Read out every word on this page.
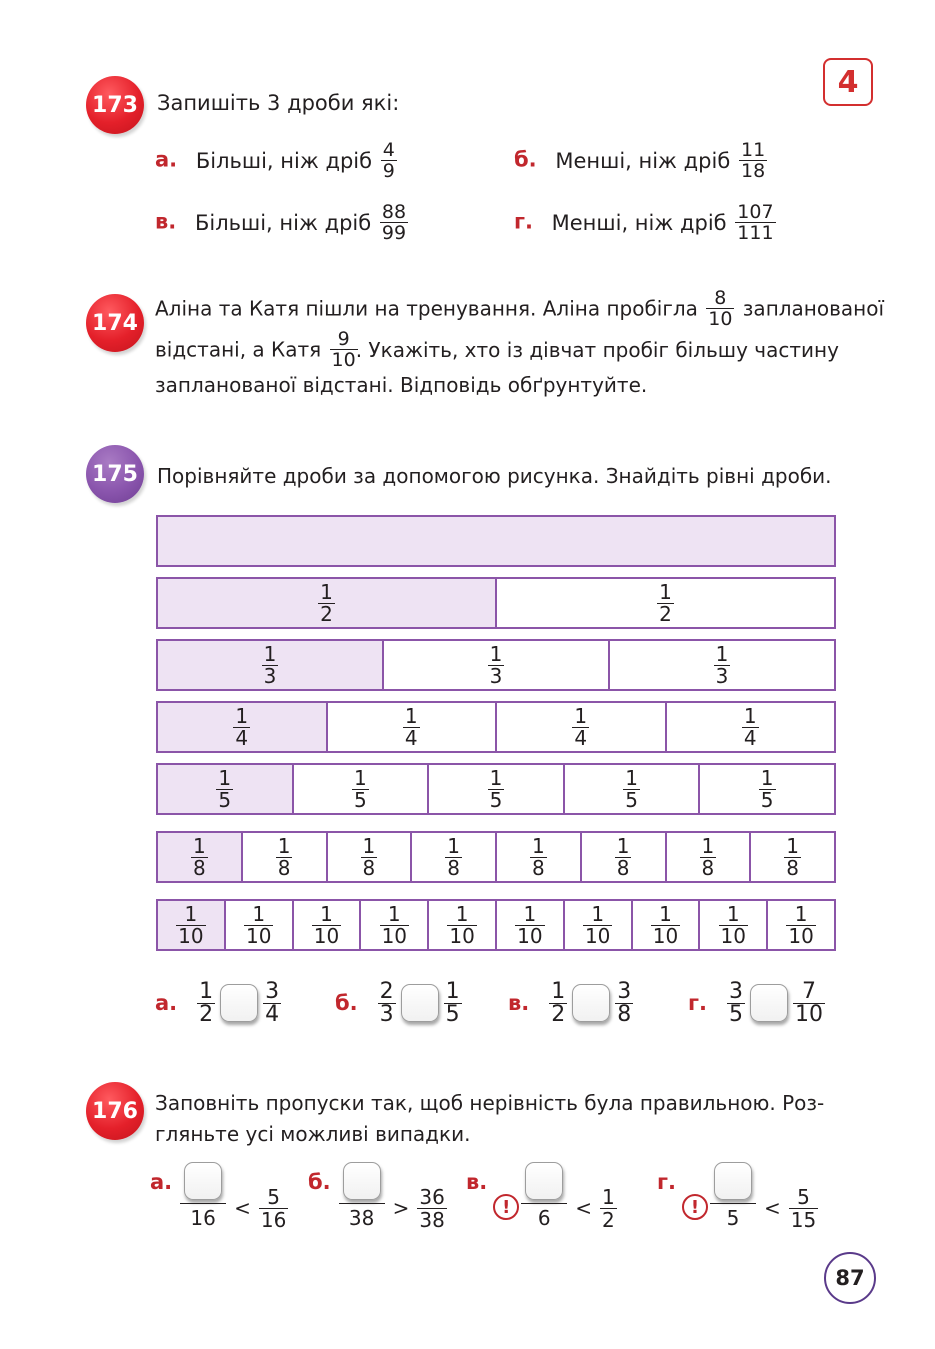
4
173 Запишіть 3 дроби які:
а. Більші, ніж дріб $\frac{4}{9}$	б. Менші, ніж дріб $\frac{11}{18}$
в. Більші, ніж дріб $\frac{88}{99}$	г. Менші, ніж дріб $\frac{107}{111}$
174
Аліна та Катя пішли на тренування. Аліна пробігла $\frac{8}{10}$ запланованої
відстані, а Катя $\frac{9}{10}$
. Укажіть, хто із дівчат пробіг більшу частину
запланованої відстані. Відповідь обґрунтуйте.
175 Порівняйте дроби за допомогою рисунка. Знайдіть рівні дроби.
$\frac{1}{2}$	$\frac{1}{2}$
$\frac{1}{3}$	$\frac{1}{3}$	$\frac{1}{3}$
$\frac{1}{4}$	$\frac{1}{4}$	$\frac{1}{4}$	$\frac{1}{4}$
$\frac{1}{5}$	$\frac{1}{5}$	$\frac{1}{5}$	$\frac{1}{5}$	$\frac{1}{5}$
$\frac{1}{8}$	$\frac{1}{8}$	$\frac{1}{8}$	$\frac{1}{8}$	$\frac{1}{8}$	$\frac{1}{8}$	$\frac{1}{8}$	$\frac{1}{8}$
$\frac{1}{10} \frac{1}{10} \frac{1}{10} \frac{1}{10} \frac{1}{10} \frac{1}{10} \frac{1}{10} \frac{1}{10} \frac{1}{10} \frac{1}{10}$
а. $\frac{1}{2} \frac{3}{4}$	б. $\frac{2}{3} \frac{1}{5} в$. $\frac{1}{2} \frac{3}{8}$	г. $\frac{3}{5} \frac{7}{10}$
176 Заповніть пропуски так, щоб нерівність була правильною. Роз-
гляньте усі можливі випадки.
а.
$16 < \frac{5}{16}$
б.
$38 > \frac{36}{38}$
в.
!	6	< $\frac{1}{2}$
г.
!	5	< $\frac{5}{15}$
87
